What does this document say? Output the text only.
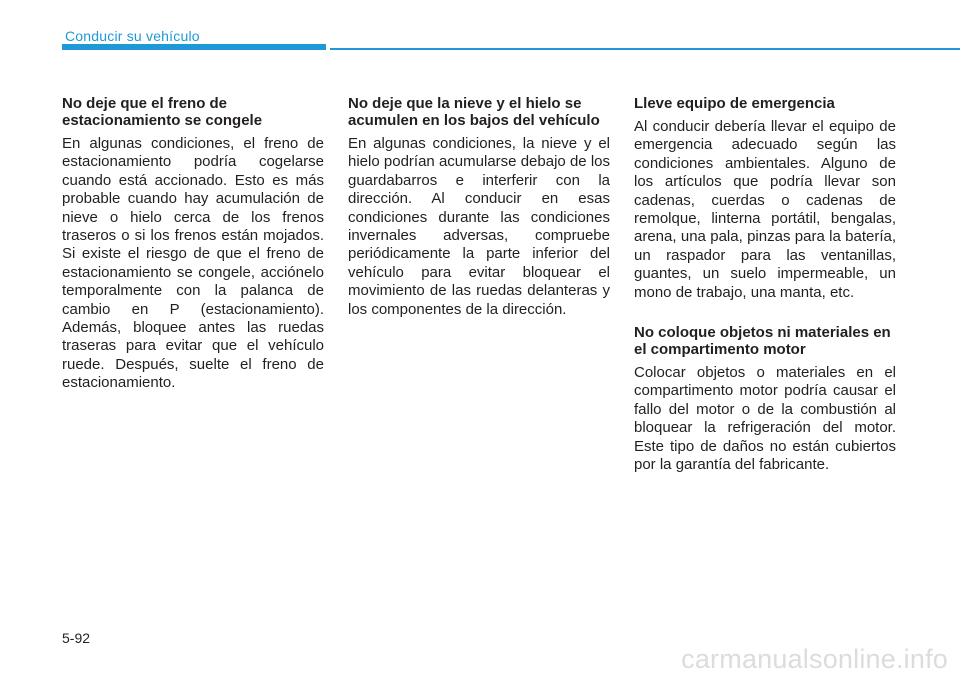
Conducir su vehículo
No deje que el freno de estacionamiento se congele

En algunas condiciones, el freno de estacionamiento podría cogelarse cuando está accionado. Esto es más probable cuando hay acumulación de nieve o hielo cerca de los frenos traseros o si los frenos están mojados. Si existe el riesgo de que el freno de estacionamiento se congele, acciónelo temporalmente con la palanca de cambio en P (estacionamiento). Además, bloquee antes las ruedas traseras para evitar que el vehículo ruede. Después, suelte el freno de estacionamiento.

No deje que la nieve y el hielo se acumulen en los bajos del vehículo

En algunas condiciones, la nieve y el hielo podrían acumularse debajo de los guardabarros e interferir con la dirección. Al conducir en esas condiciones durante las condiciones invernales adversas, compruebe periódicamente la parte inferior del vehículo para evitar bloquear el movimiento de las ruedas delanteras y los componentes de la dirección.

Lleve equipo de emergencia

Al conducir debería llevar el equipo de emergencia adecuado según las condiciones ambientales. Alguno de los artículos que podría llevar son cadenas, cuerdas o cadenas de remolque, linterna portátil, bengalas, arena, una pala, pinzas para la batería, un raspador para las ventanillas, guantes, un suelo impermeable, un mono de trabajo, una manta, etc.

No coloque objetos ni materiales en el compartimento motor

Colocar objetos o materiales en el compartimento motor podría causar el fallo del motor o de la combustión al bloquear la refrigeración del motor. Este tipo de daños no están cubiertos por la garantía del fabricante.

5-92
carmanualsonline.info
